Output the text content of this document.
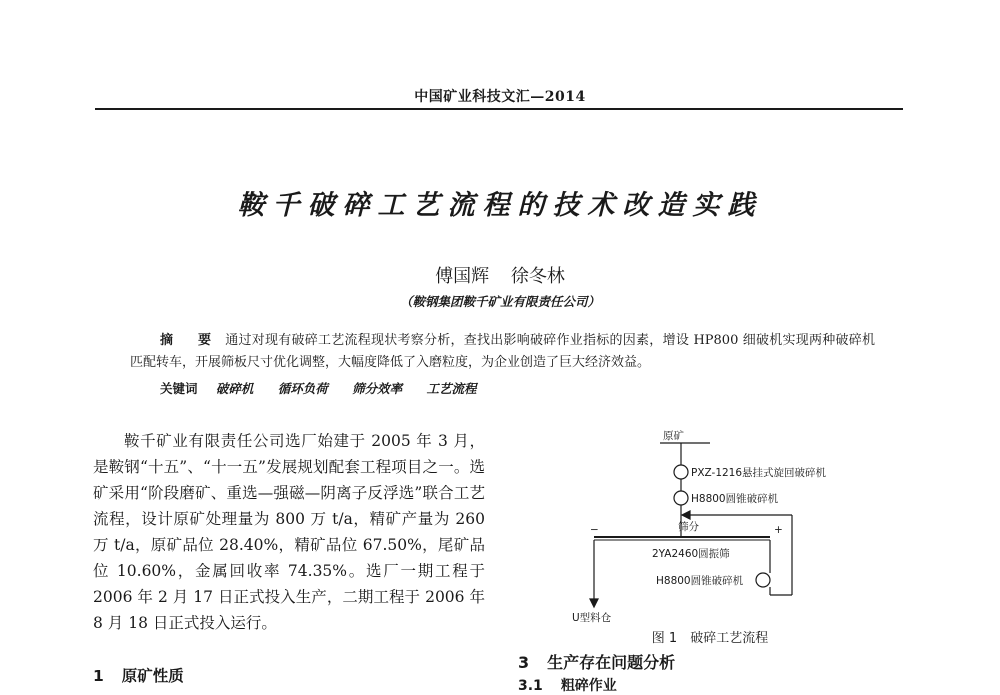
中国矿业科技文汇—2014
鞍千破碎工艺流程的技术改造实践
傅国辉 徐冬林
（鞍钢集团鞍千矿业有限责任公司）
摘 要 通过对现有破碎工艺流程现状考察分析，查找出影响破碎作业指标的因素，增设 HP800 细破机实现两种破碎机匹配转车，开展筛板尺寸优化调整，大幅度降低了入磨粒度，为企业创造了巨大经济效益。
关键词 破碎机 循环负荷 筛分效率 工艺流程

鞍千矿业有限责任公司选厂始建于 2005 年 3 月，是鞍钢“十五”、“十一五”发展规划配套工程项目之一。选矿采用“阶段磨矿、重选—强磁—阴离子反浮选”联合工艺流程，设计原矿处理量为 800 万 t/a，精矿产量为 260 万 t/a，原矿品位 28.40%，精矿品位 67.50%，尾矿品位 10.60%，金属回收率 74.35%。选厂一期工程于 2006 年 2 月 17 日正式投入生产，二期工程于 2006 年 8 月 18 日正式投入运行。

1 原矿性质
原矿
PXZ-1216悬挂式旋回破碎机
H8800圆锥破碎机
筛分
−	+
2YA2460圆振筛
H8800圆锥破碎机
U型料仓
图 1　破碎工艺流程
3 生产存在问题分析
3.1 粗碎作业
